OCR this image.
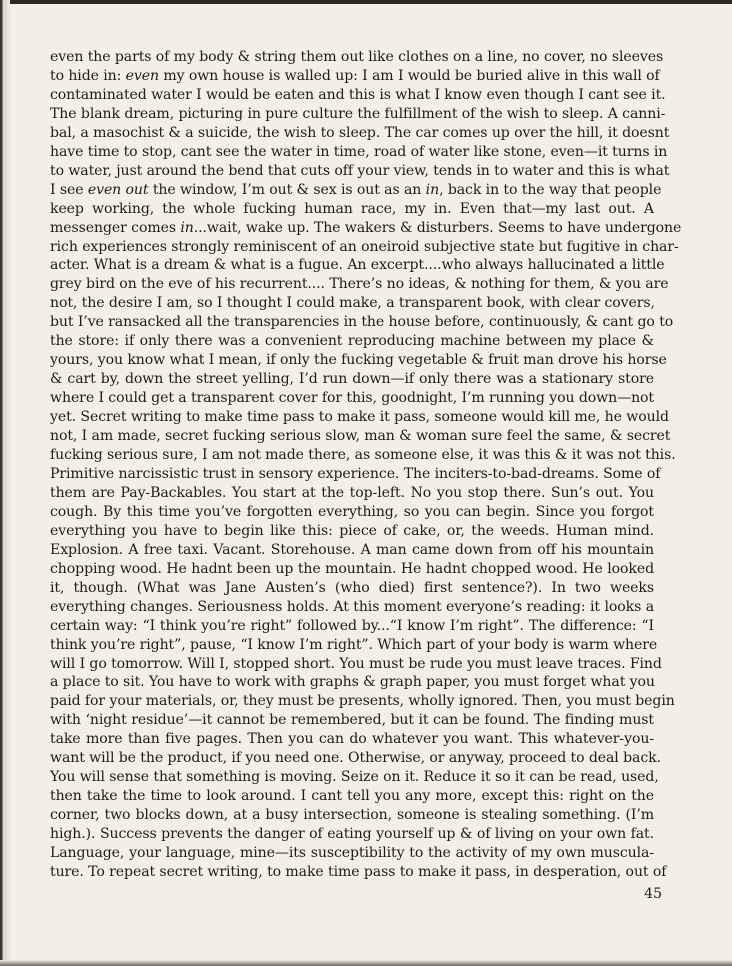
even the parts of my body & string them out like clothes on a line, no cover, no sleeves
to hide in: even my own house is walled up: I am I would be buried alive in this wall of
contaminated water I would be eaten and this is what I know even though I cant see it.
The blank dream, picturing in pure culture the fulfillment of the wish to sleep. A canni-
bal, a masochist & a suicide, the wish to sleep. The car comes up over the hill, it doesnt
have time to stop, cant see the water in time, road of water like stone, even—it turns in
to water, just around the bend that cuts off your view, tends in to water and this is what
I see even out the window, I’m out & sex is out as an in, back in to the way that people
keep working, the whole fucking human race, my in. Even that—my last out. A
messenger comes in...wait, wake up. The wakers & disturbers. Seems to have undergone
rich experiences strongly reminiscent of an oneiroid subjective state but fugitive in char-
acter. What is a dream & what is a fugue. An excerpt....who always hallucinated a little
grey bird on the eve of his recurrent.... There’s no ideas, & nothing for them, & you are
not, the desire I am, so I thought I could make, a transparent book, with clear covers,
but I’ve ransacked all the transparencies in the house before, continuously, & cant go to
the store: if only there was a convenient reproducing machine between my place &
yours, you know what I mean, if only the fucking vegetable & fruit man drove his horse
& cart by, down the street yelling, I’d run down—if only there was a stationary store
where I could get a transparent cover for this, goodnight, I’m running you down—not
yet. Secret writing to make time pass to make it pass, someone would kill me, he would
not, I am made, secret fucking serious slow, man & woman sure feel the same, & secret
fucking serious sure, I am not made there, as someone else, it was this & it was not this.
Primitive narcissistic trust in sensory experience. The inciters-to-bad-dreams. Some of
them are Pay-Backables. You start at the top-left. No you stop there. Sun’s out. You
cough. By this time you’ve forgotten everything, so you can begin. Since you forgot
everything you have to begin like this: piece of cake, or, the weeds. Human mind.
Explosion. A free taxi. Vacant. Storehouse. A man came down from off his mountain
chopping wood. He hadnt been up the mountain. He hadnt chopped wood. He looked
it, though. (What was Jane Austen’s (who died) first sentence?). In two weeks
everything changes. Seriousness holds. At this moment everyone’s reading: it looks a
certain way: “I think you’re right” followed by...“I know I’m right”. The difference: “I
think you’re right”, pause, “I know I’m right”. Which part of your body is warm where
will I go tomorrow. Will I, stopped short. You must be rude you must leave traces. Find
a place to sit. You have to work with graphs & graph paper, you must forget what you
paid for your materials, or, they must be presents, wholly ignored. Then, you must begin
with ‘night residue’—it cannot be remembered, but it can be found. The finding must
take more than five pages. Then you can do whatever you want. This whatever-you-
want will be the product, if you need one. Otherwise, or anyway, proceed to deal back.
You will sense that something is moving. Seize on it. Reduce it so it can be read, used,
then take the time to look around. I cant tell you any more, except this: right on the
corner, two blocks down, at a busy intersection, someone is stealing something. (I’m
high.). Success prevents the danger of eating yourself up & of living on your own fat.
Language, your language, mine—its susceptibility to the activity of my own muscula-
ture. To repeat secret writing, to make time pass to make it pass, in desperation, out of
45
